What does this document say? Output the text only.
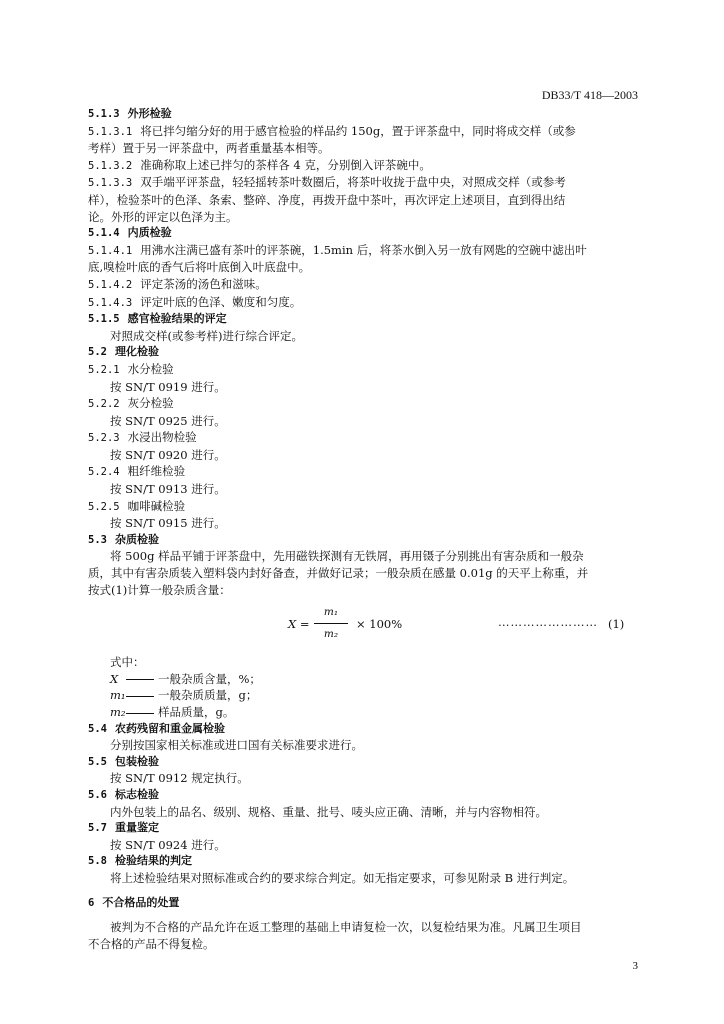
DB33/T 418—2003
5.1.3 外形检验
5.1.3.1 将已拌匀缩分好的用于感官检验的样品约 150g，置于评茶盘中，同时将成交样（或参
考样）置于另一评茶盘中，两者重量基本相等。
5.1.3.2 准确称取上述已拌匀的茶样各 4 克，分别倒入评茶碗中。
5.1.3.3 双手端平评茶盘，轻轻摇转茶叶数圈后，将茶叶收拢于盘中央，对照成交样（或参考
样），检验茶叶的色泽、条索、整碎、净度，再拨开盘中茶叶，再次评定上述项目，直到得出结
论。外形的评定以色泽为主。
5.1.4 内质检验
5.1.4.1 用沸水注满已盛有茶叶的评茶碗，1.5min 后，将茶水倒入另一放有网匙的空碗中滤出叶
底,嗅检叶底的香气后将叶底倒入叶底盘中。
5.1.4.2 评定茶汤的汤色和滋味。
5.1.4.3 评定叶底的色泽、嫩度和匀度。
5.1.5 感官检验结果的评定
对照成交样(或参考样)进行综合评定。
5.2 理化检验
5.2.1 水分检验
按 SN/T 0919 进行。
5.2.2 灰分检验
按 SN/T 0925 进行。
5.2.3 水浸出物检验
按 SN/T 0920 进行。
5.2.4 粗纤维检验
按 SN/T 0913 进行。
5.2.5 咖啡碱检验
按 SN/T 0915 进行。
5.3 杂质检验
将 500g 样品平铺于评茶盘中，先用磁铁探测有无铁屑，再用镊子分别挑出有害杂质和一般杂
质，其中有害杂质装入塑料袋内封好备查，并做好记录；一般杂质在感量 0.01g 的天平上称重，并
按式(1)计算一般杂质含量：
X =
m₁
m₂
× 100%	…………………… (1)
式中：
X	一般杂质含量，%；
m₁	一般杂质质量，g；
m₂	样品质量，g。
5.4 农药残留和重金属检验
分别按国家相关标准或进口国有关标准要求进行。
5.5 包装检验
按 SN/T 0912 规定执行。
5.6 标志检验
内外包装上的品名、级别、规格、重量、批号、唛头应正确、清晰，并与内容物相符。
5.7 重量鉴定
按 SN/T 0924 进行。
5.8 检验结果的判定
将上述检验结果对照标准或合约的要求综合判定。如无指定要求，可参见附录 B 进行判定。
6 不合格品的处置
被判为不合格的产品允许在返工整理的基础上申请复检一次，以复检结果为准。凡属卫生项目
不合格的产品不得复检。
3
